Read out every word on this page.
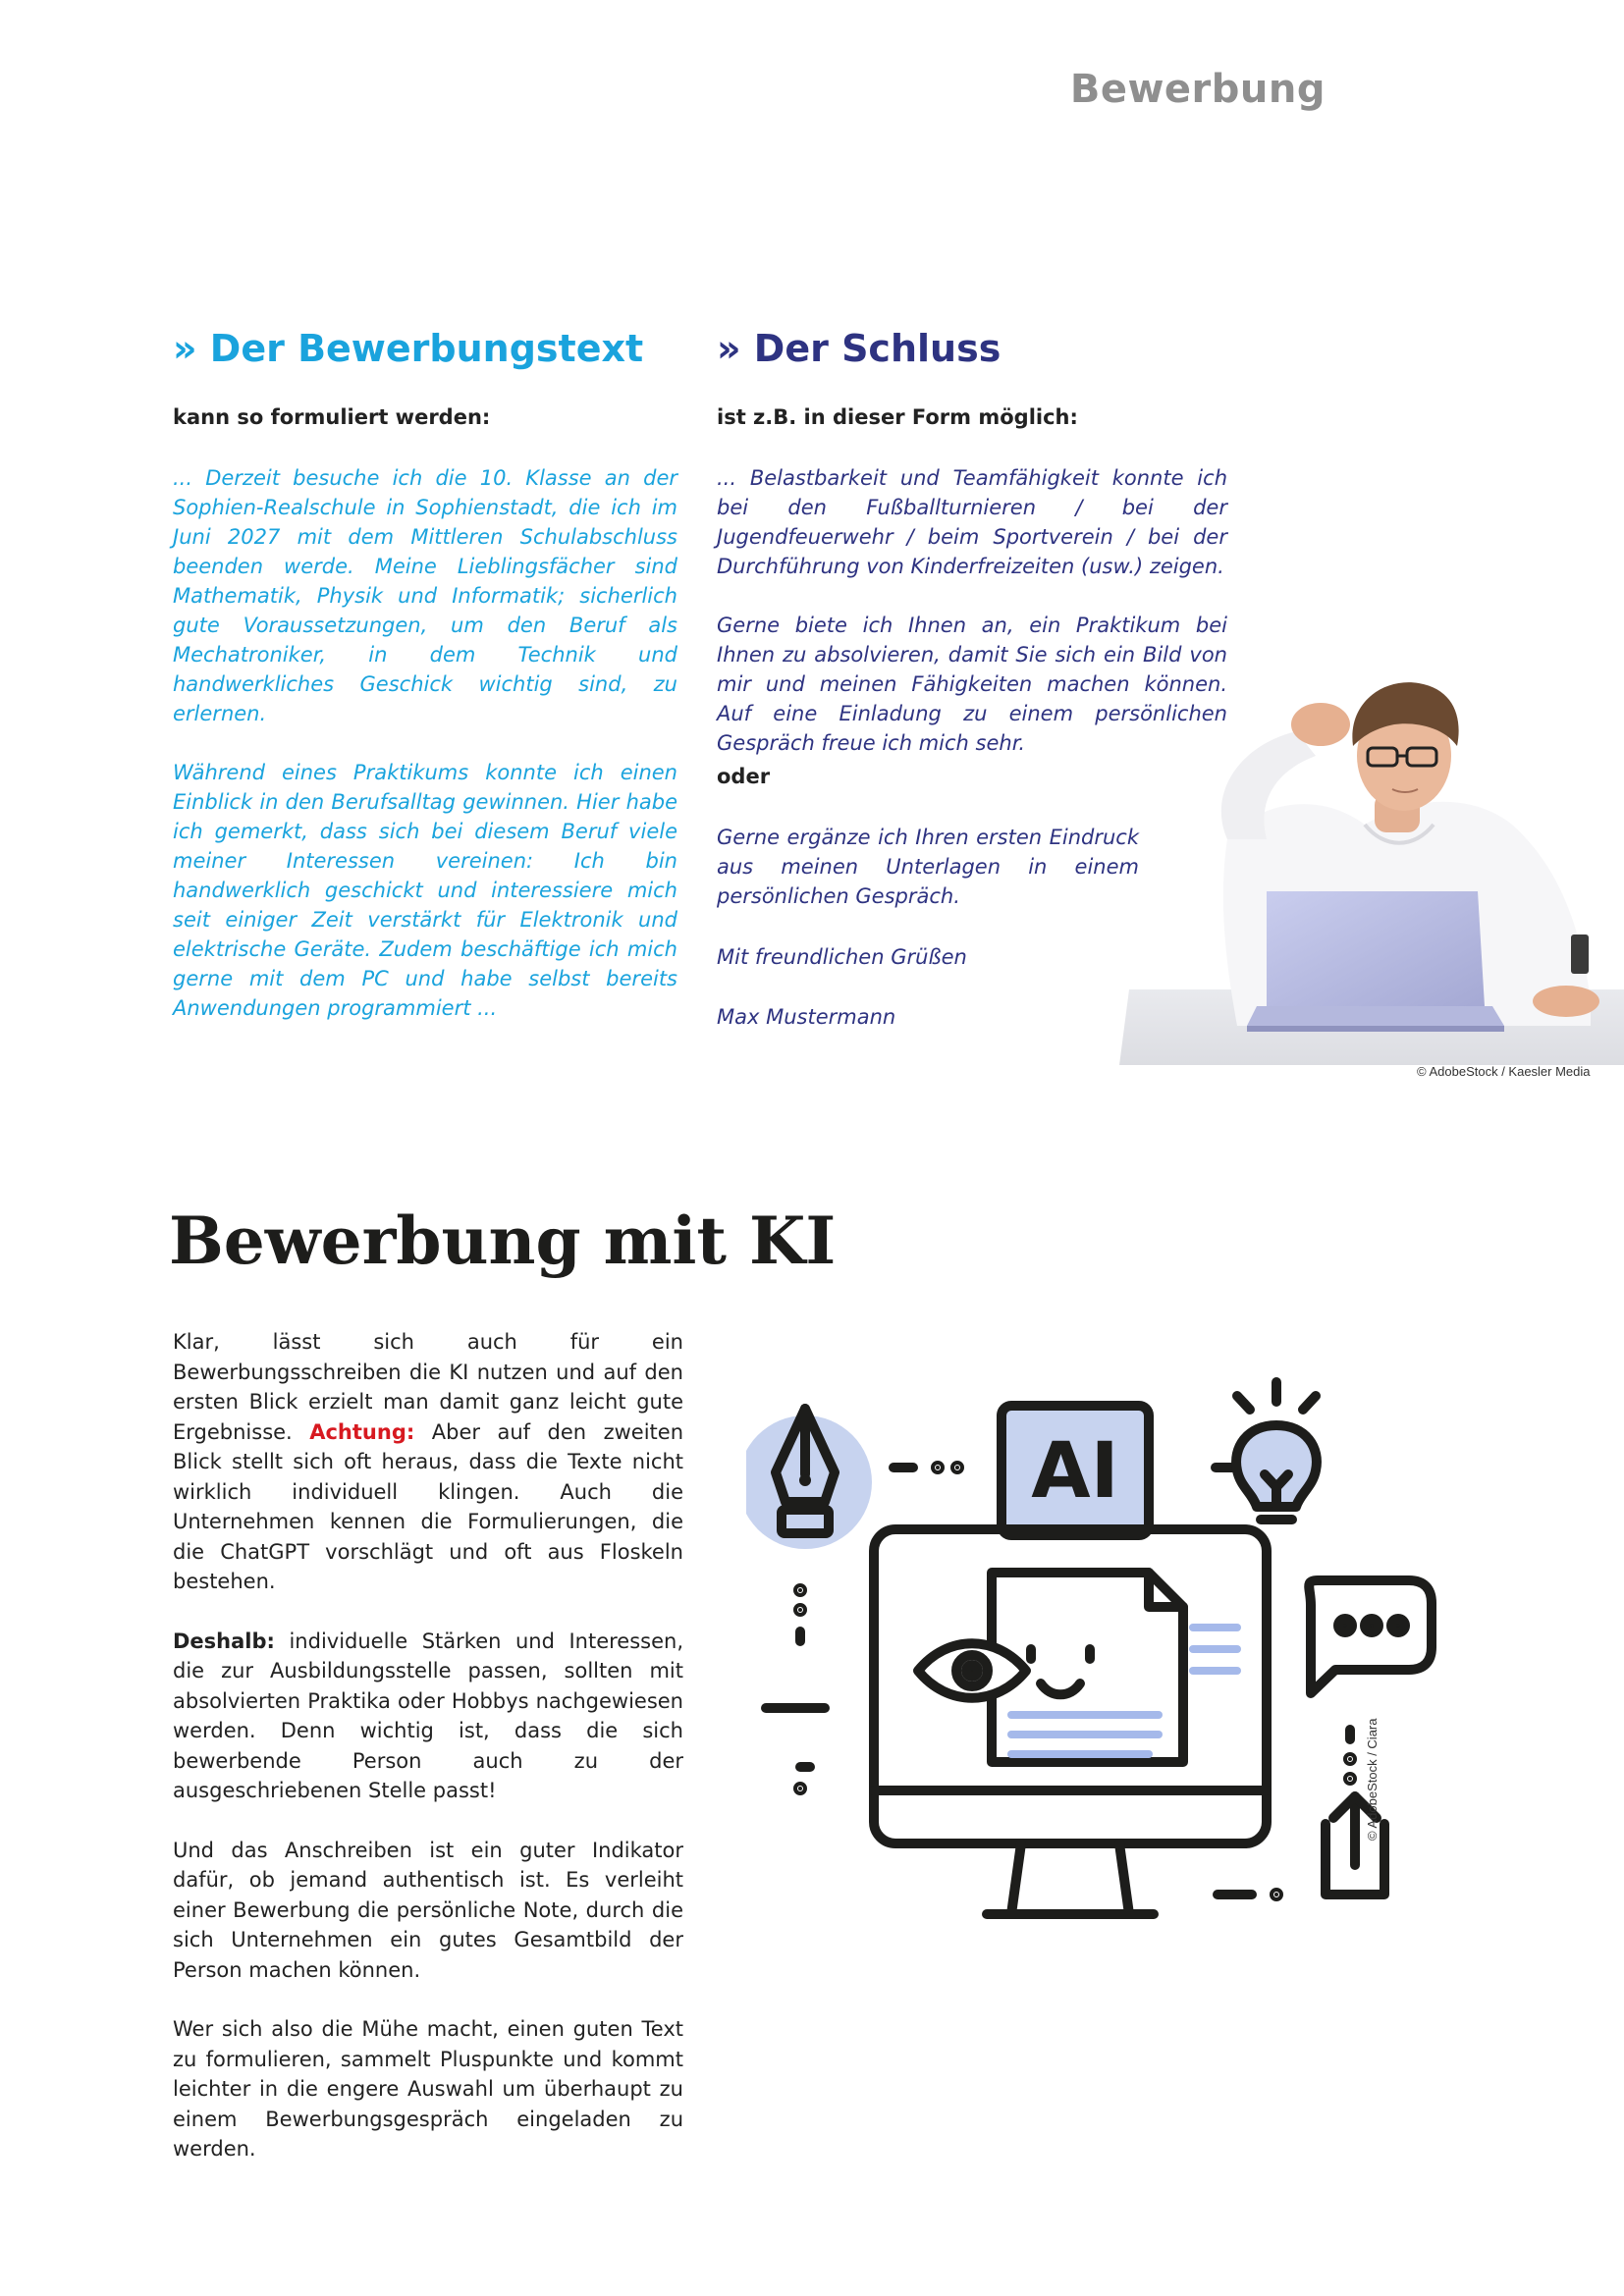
Bewerbung
» Der Bewerbungstext
kann so formuliert werden:

... Derzeit besuche ich die 10. Klasse an der Sophien-Realschule in Sophienstadt, die ich im Juni 2027 mit dem Mittleren Schulabschluss beenden werde. Meine Lieblingsfächer sind Mathematik, Physik und Informatik; sicherlich gute Voraussetzungen, um den Beruf als Mechatroniker, in dem Technik und handwerkliches Geschick wichtig sind, zu erlernen.

Während eines Praktikums konnte ich einen Einblick in den Berufsalltag gewinnen. Hier habe ich gemerkt, dass sich bei diesem Beruf viele meiner Interessen vereinen: Ich bin handwerklich geschickt und interessiere mich seit einiger Zeit verstärkt für Elektronik und elektrische Geräte. Zudem beschäftige ich mich gerne mit dem PC und habe selbst bereits Anwendungen programmiert ...

» Der Schluss
ist z.B. in dieser Form möglich:

... Belastbarkeit und Teamfähigkeit konnte ich bei den Fußballturnieren / bei der Jugendfeuerwehr / beim Sportverein / bei der Durchführung von Kinderfreizeiten (usw.) zeigen.

Gerne biete ich Ihnen an, ein Praktikum bei Ihnen zu absolvieren, damit Sie sich ein Bild von mir und meinen Fähigkeiten machen können. Auf eine Einladung zu einem persönlichen Gespräch freue ich mich sehr.

oder

Gerne ergänze ich Ihren ersten Eindruck aus meinen Unterlagen in einem persönlichen Gespräch.

Mit freundlichen Grüßen
Max Mustermann
© AdobeStock / Kaesler Media
Bewerbung mit KI

Klar, lässt sich auch für ein Bewerbungsschreiben die KI nutzen und auf den ersten Blick erzielt man damit ganz leicht gute Ergebnisse. Achtung: Aber auf den zweiten Blick stellt sich oft heraus, dass die Texte nicht wirklich individuell klingen. Auch die Unternehmen kennen die Formulierungen, die die ChatGPT vorschlägt und oft aus Floskeln bestehen.

Deshalb: individuelle Stärken und Interessen, die zur Ausbildungsstelle passen, sollten mit absolvierten Praktika oder Hobbys nachgewiesen werden. Denn wichtig ist, dass die sich bewerbende Person auch zu der ausgeschriebenen Stelle passt!

Und das Anschreiben ist ein guter Indikator dafür, ob jemand authentisch ist. Es verleiht einer Bewerbung die persönliche Note, durch die sich Unternehmen ein gutes Gesamtbild der Person machen können.

Wer sich also die Mühe macht, einen guten Text zu formulieren, sammelt Pluspunkte und kommt leichter in die engere Auswahl um überhaupt zu einem Bewerbungsgespräch eingeladen zu werden.

AI
© AdobeStock / Ciara
